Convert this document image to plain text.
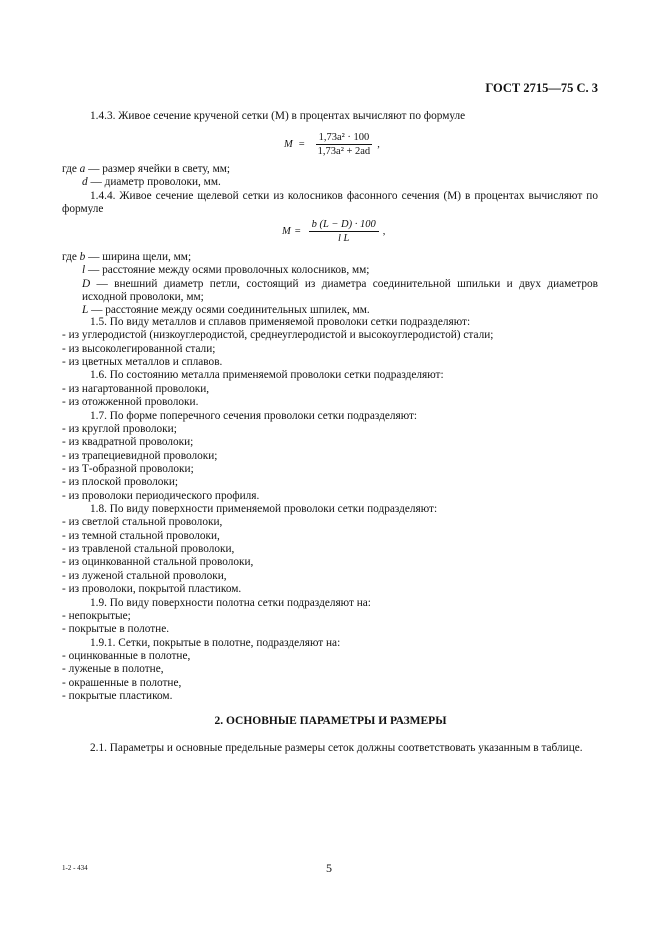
ГОСТ 2715—75 С. 3

1.4.3. Живое сечение крученой сетки (M) в процентах вычисляют по формуле

$M = \frac{\text{1,73a² · 100}}{\text{1,73a² + 2ad}}$ ,

где a — размер ячейки в свету, мм;

d — диаметр проволоки, мм.

1.4.4. Живое сечение щелевой сетки из колосников фасонного сечения (M) в процентах вычисляют по формуле

$M = \frac{b (L - D) \cdot 100}{\text{l L}}$ ,

где b — ширина щели, мм;

l — расстояние между осями проволочных колосников, мм;

D — внешний диаметр петли, состоящий из диаметра соединительной шпильки и двух диаметров исходной проволоки, мм;

L — расстояние между осями соединительных шпилек, мм.

1.5. По виду металлов и сплавов применяемой проволоки сетки подразделяют:

- из углеродистой (низкоуглеродистой, среднеуглеродистой и высокоуглеродистой) стали;

- из высоколегированной стали;

- из цветных металлов и сплавов.

1.6. По состоянию металла применяемой проволоки сетки подразделяют:

- из нагартованной проволоки,

- из отожженной проволоки.

1.7. По форме поперечного сечения проволоки сетки подразделяют:

- из круглой проволоки;

- из квадратной проволоки;

- из трапециевидной проволоки;

- из Т-образной проволоки;

- из плоской проволоки;

- из проволоки периодического профиля.

1.8. По виду поверхности применяемой проволоки сетки подразделяют:

- из светлой стальной проволоки,

- из темной стальной проволоки,

- из травленой стальной проволоки,

- из оцинкованной стальной проволоки,

- из луженой стальной проволоки,

- из проволоки, покрытой пластиком.

1.9. По виду поверхности полотна сетки подразделяют на:

- непокрытые;

- покрытые в полотне.

1.9.1. Сетки, покрытые в полотне, подразделяют на:

- оцинкованные в полотне,

- луженые в полотне,

- окрашенные в полотне,

- покрытые пластиком.

2. ОСНОВНЫЕ ПАРАМЕТРЫ И РАЗМЕРЫ

2.1. Параметры и основные предельные размеры сеток должны соответствовать указанным в таблице.

1-2 - 434	5
